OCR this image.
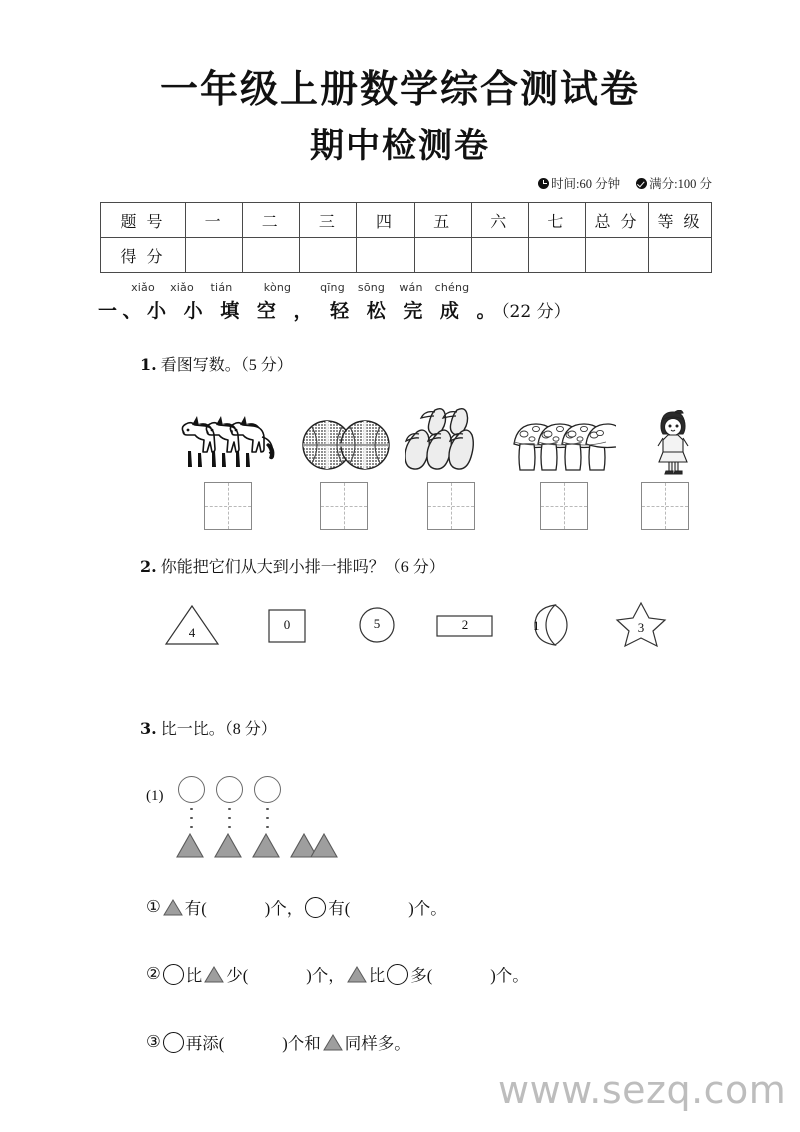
一年级上册数学综合测试卷
期中检测卷
时间:60 分钟 满分:100 分
题 号	一	二	三	四	五	六	七	总 分	等 级
得 分									
xiǎo	xiǎo	tián	kòng	qīng	sōng	wán	chéng
一、小 小 填 空 ， 轻 松 完 成 。（22 分）
1. 看图写数。（5 分）
2. 你能把它们从大到小排一排吗？（6 分）
4
0	5	2	1	3
3. 比一比。（8 分）
(1)
① 有(	)个， 有(	)个。
② 比 少(	)个， 比 多(	)个。
③ 再添(	)个和 同样多。
www.sezq.com
